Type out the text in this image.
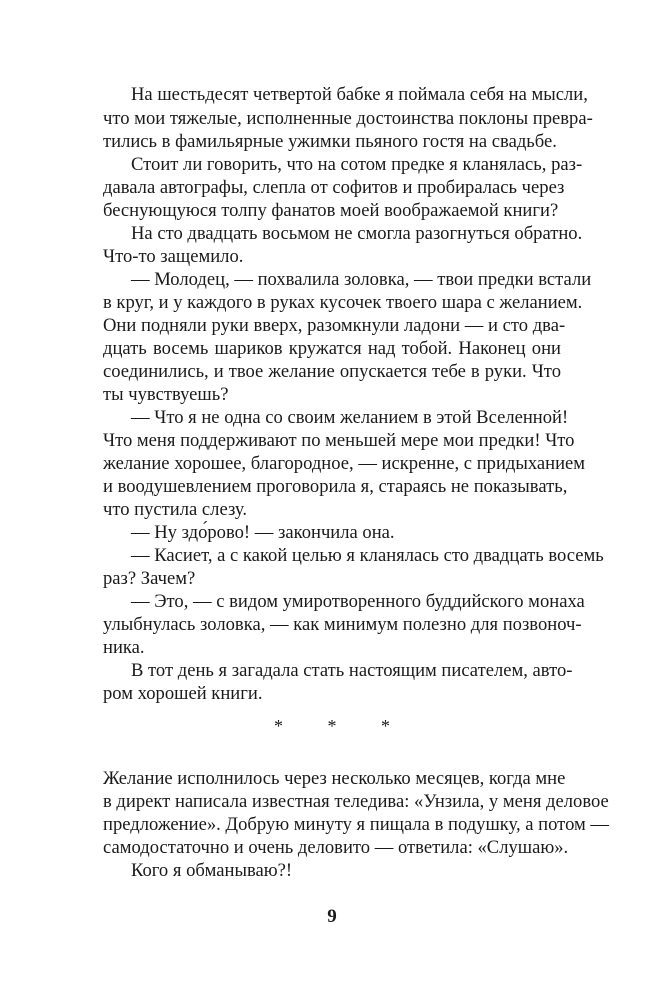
На шестьдесят четвертой бабке я поймала себя на мысли,
что мои тяжелые, исполненные достоинства поклоны превра-
тились в фамильярные ужимки пьяного гостя на свадьбе.
Стоит ли говорить, что на сотом предке я кланялась, раз-
давала автографы, слепла от софитов и пробиралась через
беснующуюся толпу фанатов моей воображаемой книги?
На сто двадцать восьмом не смогла разогнуться обратно.
Что-то защемило.
— Молодец, — похвалила золовка, — твои предки встали
в круг, и у каждого в руках кусочек твоего шара с желанием.
Они подняли руки вверх, разомкнули ладони — и сто два-
дцать восемь шариков кружатся над тобой. Наконец они
соединились, и твое желание опускается тебе в руки. Что
ты чувствуешь?
— Что я не одна со своим желанием в этой Вселенной!
Что меня поддерживают по меньшей мере мои предки! Что
желание хорошее, благородное, — искренне, с придыханием
и воодушевлением проговорила я, стараясь не показывать,
что пустила слезу.
— Ну здо́рово! — закончила она.
— Касиет, а с какой целью я кланялась сто двадцать восемь
раз? Зачем?
— Это, — с видом умиротворенного буддийского монаха
улыбнулась золовка, — как минимум полезно для позвоноч-
ника.
В тот день я загадала стать настоящим писателем, авто-
ром хорошей книги.
* * *
Желание исполнилось через несколько месяцев, когда мне
в директ написала известная теледива: «Унзила, у меня деловое
предложение». Добрую минуту я пищала в подушку, а потом —
самодостаточно и очень деловито — ответила: «Слушаю».
Кого я обманываю?!
9
